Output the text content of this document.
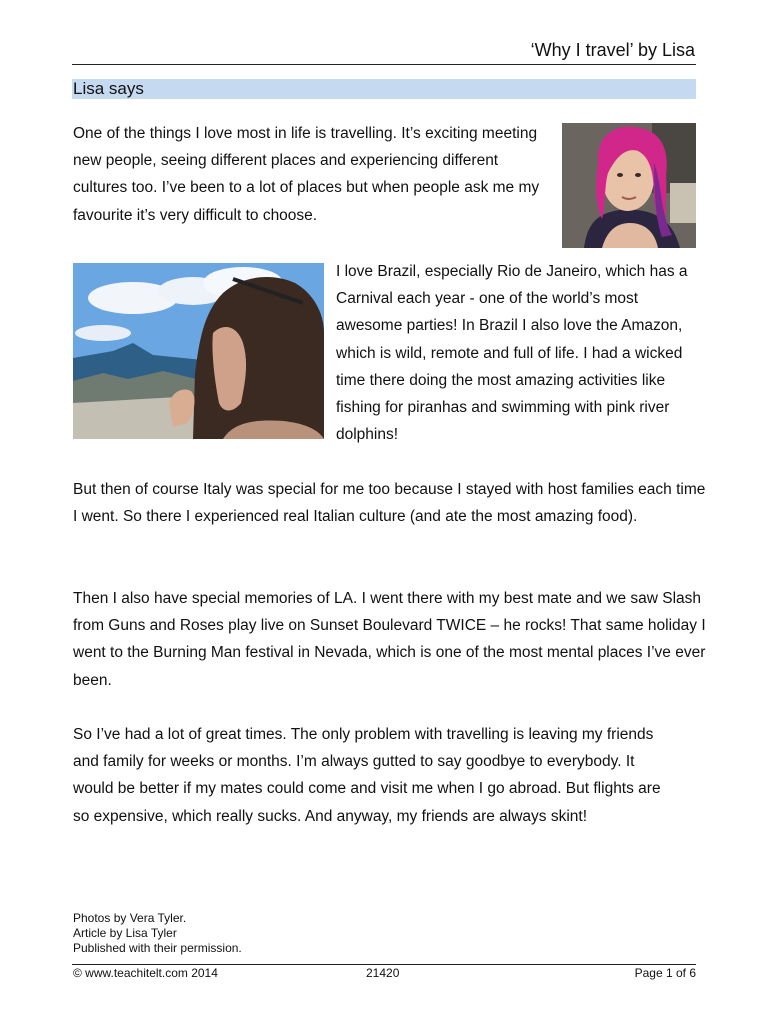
‘Why I travel’ by Lisa
Lisa says
One of the things I love most in life is travelling. It’s exciting meeting new people, seeing different places and experiencing different cultures too. I’ve been to a lot of places but when people ask me my favourite it’s very difficult to choose.
I love Brazil, especially Rio de Janeiro, which has a Carnival each year - one of the world’s most awesome parties! In Brazil I also love the Amazon, which is wild, remote and full of life. I had a wicked time there doing the most amazing activities like fishing for piranhas and swimming with pink river dolphins!
But then of course Italy was special for me too because I stayed with host families each time I went. So there I experienced real Italian culture (and ate the most amazing food).
Then I also have special memories of LA. I went there with my best mate and we saw Slash from Guns and Roses play live on Sunset Boulevard TWICE – he rocks! That same holiday I went to the Burning Man festival in Nevada, which is one of the most mental places I’ve ever been.
So I’ve had a lot of great times. The only problem with travelling is leaving my friends and family for weeks or months. I’m always gutted to say goodbye to everybody. It would be better if my mates could come and visit me when I go abroad. But flights are so expensive, which really sucks. And anyway, my friends are always skint!
Photos by Vera Tyler.
Article by Lisa Tyler
Published with their permission.
© www.teachitelt.com 2014	21420	Page 1 of 6
